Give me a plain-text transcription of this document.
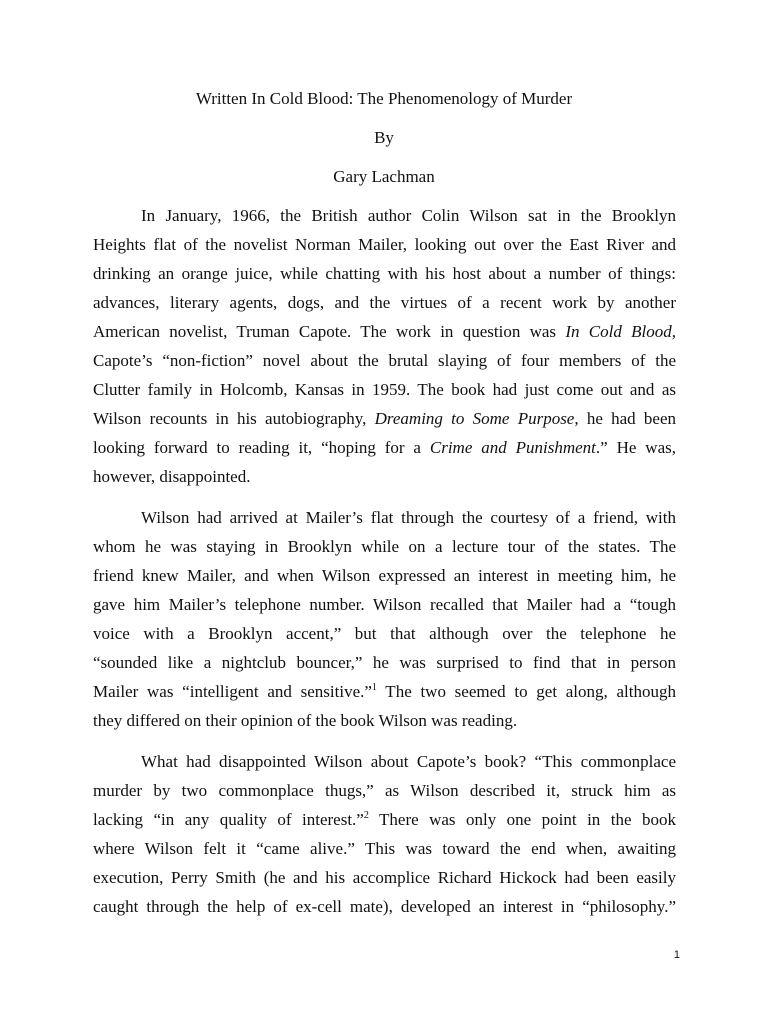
Written In Cold Blood: The Phenomenology of Murder
By
Gary Lachman
In January, 1966, the British author Colin Wilson sat in the Brooklyn
Heights flat of the novelist Norman Mailer, looking out over the East River and
drinking an orange juice, while chatting with his host about a number of things:
advances, literary agents, dogs, and the virtues of a recent work by another
American novelist, Truman Capote. The work in question was In Cold Blood,
Capote’s “non-fiction” novel about the brutal slaying of four members of the
Clutter family in Holcomb, Kansas in 1959. The book had just come out and as
Wilson recounts in his autobiography, Dreaming to Some Purpose, he had been
looking forward to reading it, “hoping for a Crime and Punishment.” He was,
however, disappointed.
Wilson had arrived at Mailer’s flat through the courtesy of a friend, with
whom he was staying in Brooklyn while on a lecture tour of the states. The
friend knew Mailer, and when Wilson expressed an interest in meeting him, he
gave him Mailer’s telephone number. Wilson recalled that Mailer had a “tough
voice with a Brooklyn accent,” but that although over the telephone he
“sounded like a nightclub bouncer,” he was surprised to find that in person
Mailer was “intelligent and sensitive.”$^1$ The two seemed to get along, although
they differed on their opinion of the book Wilson was reading.
What had disappointed Wilson about Capote’s book? “This commonplace
murder by two commonplace thugs,” as Wilson described it, struck him as
lacking “in any quality of interest.”$^2$ There was only one point in the book
where Wilson felt it “came alive.” This was toward the end when, awaiting
execution, Perry Smith (he and his accomplice Richard Hickock had been easily
caught through the help of ex-cell mate), developed an interest in “philosophy.”
1
